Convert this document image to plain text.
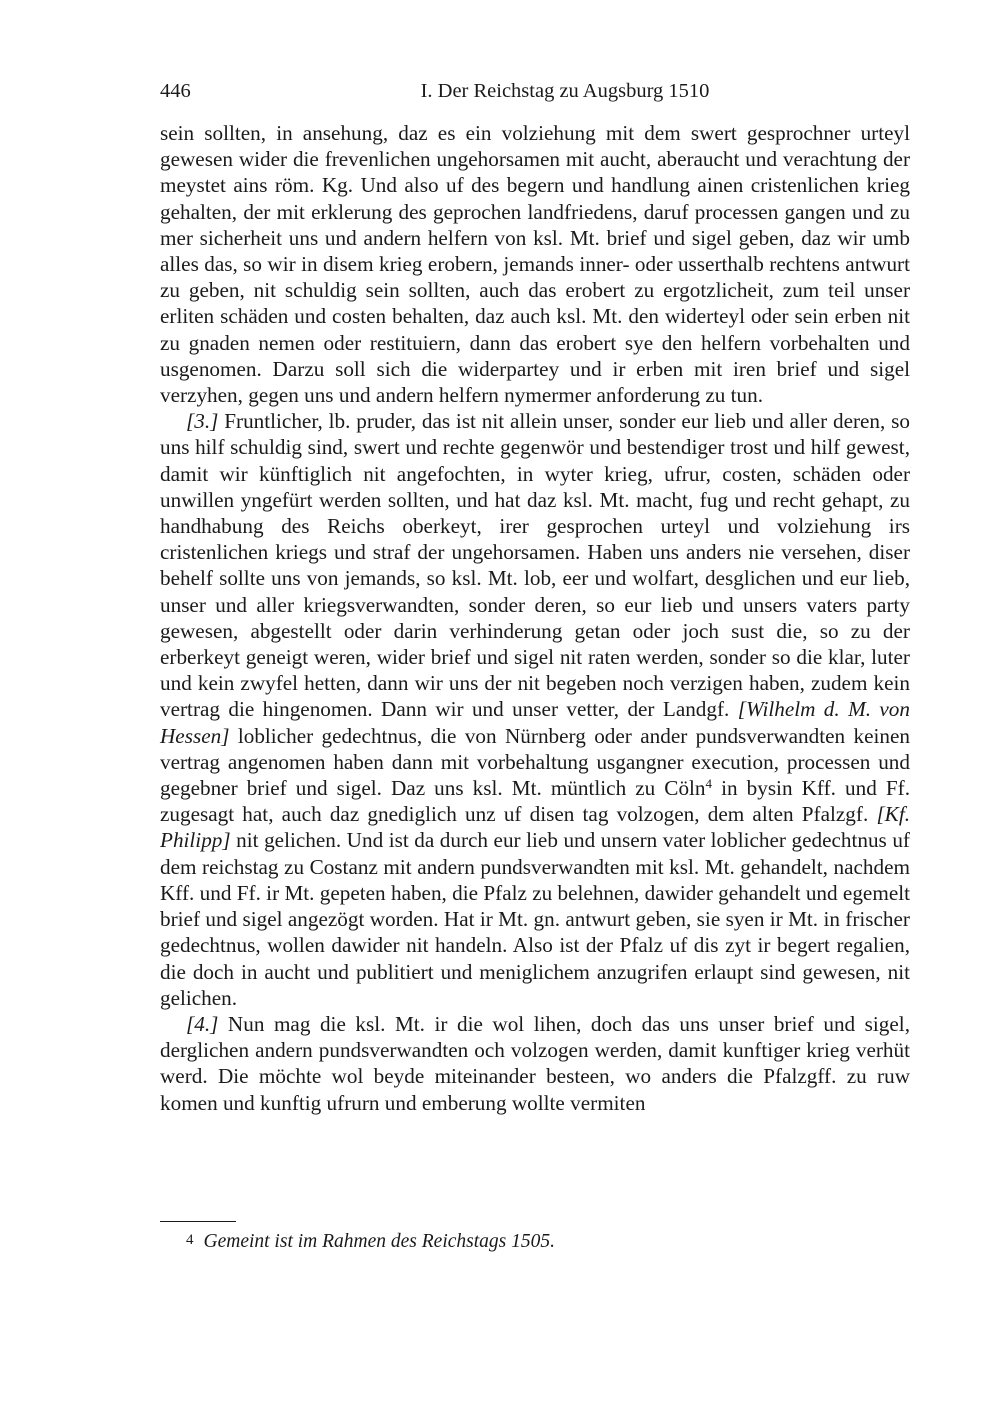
446	I. Der Reichstag zu Augsburg 1510

sein sollten, in ansehung, daz es ein volziehung mit dem swert gesprochner urteyl gewesen wider die frevenlichen ungehorsamen mit aucht, aberaucht und verachtung der meystet ains röm. Kg. Und also uf des begern und handlung ainen cristenlichen krieg gehalten, der mit erklerung des geprochen landfriedens, daruf processen gangen und zu mer sicherheit uns und andern helfern von ksl. Mt. brief und sigel geben, daz wir umb alles das, so wir in disem krieg erobern, jemands inner- oder usserthalb rechtens antwurt zu geben, nit schuldig sein sollten, auch das erobert zu ergotzlicheit, zum teil unser erliten schäden und costen behalten, daz auch ksl. Mt. den widerteyl oder sein erben nit zu gnaden nemen oder restituiern, dann das erobert sye den helfern vorbehalten und usgenomen. Darzu soll sich die widerpartey und ir erben mit iren brief und sigel verzyhen, gegen uns und andern helfern nymermer anforderung zu tun.

[3.] Fruntlicher, lb. pruder, das ist nit allein unser, sonder eur lieb und aller deren, so uns hilf schuldig sind, swert und rechte gegenwör und bestendiger trost und hilf gewest, damit wir künftiglich nit angefochten, in wyter krieg, ufrur, costen, schäden oder unwillen yngefürt werden sollten, und hat daz ksl. Mt. macht, fug und recht gehapt, zu handhabung des Reichs oberkeyt, irer gesprochen urteyl und volziehung irs cristenlichen kriegs und straf der ungehorsamen. Haben uns anders nie versehen, diser behelf sollte uns von jemands, so ksl. Mt. lob, eer und wolfart, desglichen und eur lieb, unser und aller kriegsverwandten, sonder deren, so eur lieb und unsers vaters party gewesen, abgestellt oder darin verhinderung getan oder joch sust die, so zu der erberkeyt geneigt weren, wider brief und sigel nit raten werden, sonder so die klar, luter und kein zwyfel hetten, dann wir uns der nit begeben noch verzigen haben, zudem kein vertrag die hingenomen. Dann wir und unser vetter, der Landgf. [Wilhelm d. M. von Hessen] loblicher gedechtnus, die von Nürnberg oder ander pundsverwandten keinen vertrag angenomen haben dann mit vorbehaltung usgangner execution, processen und gegebner brief und sigel. Daz uns ksl. Mt. müntlich zu Cöln$^4$ in bysin Kff. und Ff. zugesagt hat, auch daz gnediglich unz uf disen tag volzogen, dem alten Pfalzgf. [Kf. Philipp] nit gelichen. Und ist da durch eur lieb und unsern vater loblicher gedechtnus uf dem reichstag zu Costanz mit andern pundsverwandten mit ksl. Mt. gehandelt, nachdem Kff. und Ff. ir Mt. gepeten haben, die Pfalz zu belehnen, dawider gehandelt und egemelt brief und sigel angezögt worden. Hat ir Mt. gn. antwurt geben, sie syen ir Mt. in frischer gedechtnus, wollen dawider nit handeln. Also ist der Pfalz uf dis zyt ir begert regalien, die doch in aucht und publitiert und meniglichem anzugrifen erlaupt sind gewesen, nit gelichen.

[4.] Nun mag die ksl. Mt. ir die wol lihen, doch das uns unser brief und sigel, derglichen andern pundsverwandten och volzogen werden, damit kunftiger krieg verhüt werd. Die möchte wol beyde miteinander besteen, wo anders die Pfalzgff. zu ruw komen und kunftig ufrurn und emberung wollte vermiten

4 Gemeint ist im Rahmen des Reichstags 1505.
